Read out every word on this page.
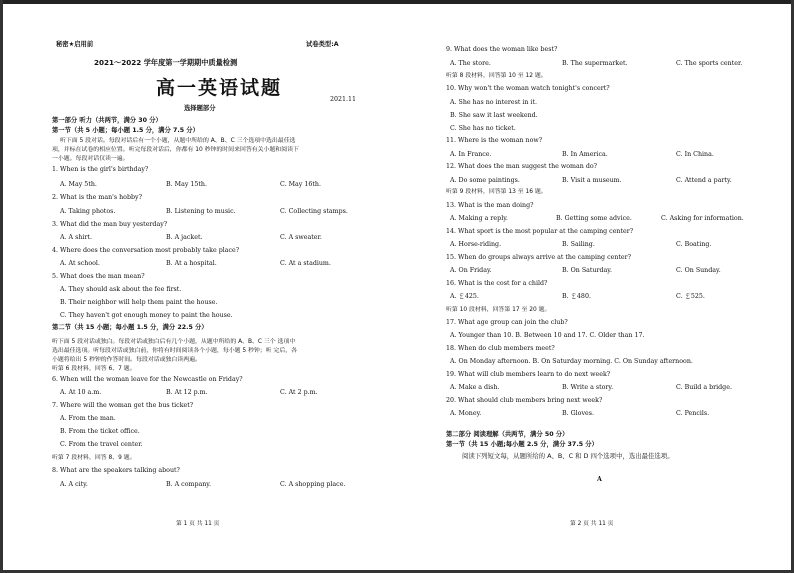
秘密★启用前	试卷类型:A
2021～2022 学年度第一学期期中质量检测
高一英语试题
2021.11
选择题部分
第一部分 听力（共两节，满分 30 分）
第一节（共 5 小题；每小题 1.5 分，满分 7.5 分）
听下面 5 段对话。每段对话后有一个小题，从题中所给的 A、B、C 三个选项中选出最佳选
项，并标在试卷的相应位置。听完每段对话后，你都有 10 秒钟的时间来回答有关小题和阅读下
一小题。每段对话仅读一遍。
1. When is the girl's birthday?
A. May 5th.	B. May 15th.	C. May 16th.
2. What is the man's hobby?
A. Taking photos.	B. Listening to music.	C. Collecting stamps.
3. What did the man buy yesterday?
A. A shirt.	B. A jacket.	C. A sweater.
4. Where does the conversation most probably take place?
A. At school.	B. At a hospital.	C. At a stadium.
5. What does the man mean?
A. They should ask about the fee first.
B. Their neighbor will help them paint the house.
C. They haven't got enough money to paint the house.
第二节（共 15 小题；每小题 1.5 分，满分 22.5 分）
听下面 5 段对话或独白。每段对话或独白后有几个小题，从题中所给的 A、B、C 三个 选项中
选出最佳选项。听每段对话或独白前，你将有时间阅读各个小题，每小题 5 秒钟；听 完后，各
小题将给出 5 秒钟的作答时间。每段对话或独白读两遍。
听第 6 段材料，回答 6、7 题。
6. When will the woman leave for the Newcastle on Friday?
A. At 10 a.m.	B. At 12 p.m.	C. At 2 p.m.
7. Where will the woman get the bus ticket?
A. From the man.
B. From the ticket office.
C. From the travel center.
听第 7 段材料，回答 8、9 题。
8. What are the speakers talking about?
A. A city.	B. A company.	C. A shopping place.
第 1 页 共 11 页
9. What does the woman like best?
A. The store.	B. The supermarket.	C. The sports center.
听第 8 段材料，回答第 10 至 12 题。
10. Why won't the woman watch tonight's concert?
A. She has no interest in it.
B. She saw it last weekend.
C. She has no ticket.
11. Where is the woman now?
A. In France.	B. In America.	C. In China.
12. What does the man suggest the woman do?
A. Do some paintings.	B. Visit a museum.	C. Attend a party.
听第 9 段材料，回答第 13 至 16 题。
13. What is the man doing?
A. Making a reply.	B. Getting some advice.	C. Asking for information.
14. What sport is the most popular at the camping center?
A. Horse-riding.	B. Sailing.	C. Boating.
15. When do groups always arrive at the camping center?
A. On Friday.	B. On Saturday.	C. On Sunday.
16. What is the cost for a child?
A. ￡425.	B. ￡480.	C. ￡525.
听第 10 段材料，回答第 17 至 20 题。
17. What age group can join the club?
A. Younger than 10. B. Between 10 and 17. C. Older than 17.
18. When do club members meet?
A. On Monday afternoon. B. On Saturday morning. C. On Sunday afternoon.
19. What will club members learn to do next week?
A. Make a dish.	B. Write a story.	C. Build a bridge.
20. What should club members bring next week?
A. Money.	B. Gloves.	C. Pencils.
第二部分 阅读理解（共两节，满分 50 分）
第一节（共 15 小题;每小题 2.5 分，满分 37.5 分）
阅读下列短文每，从题所给的 A、B、C 和 D 四个选项中，选出最佳选项。
A
第 2 页 共 11 页
